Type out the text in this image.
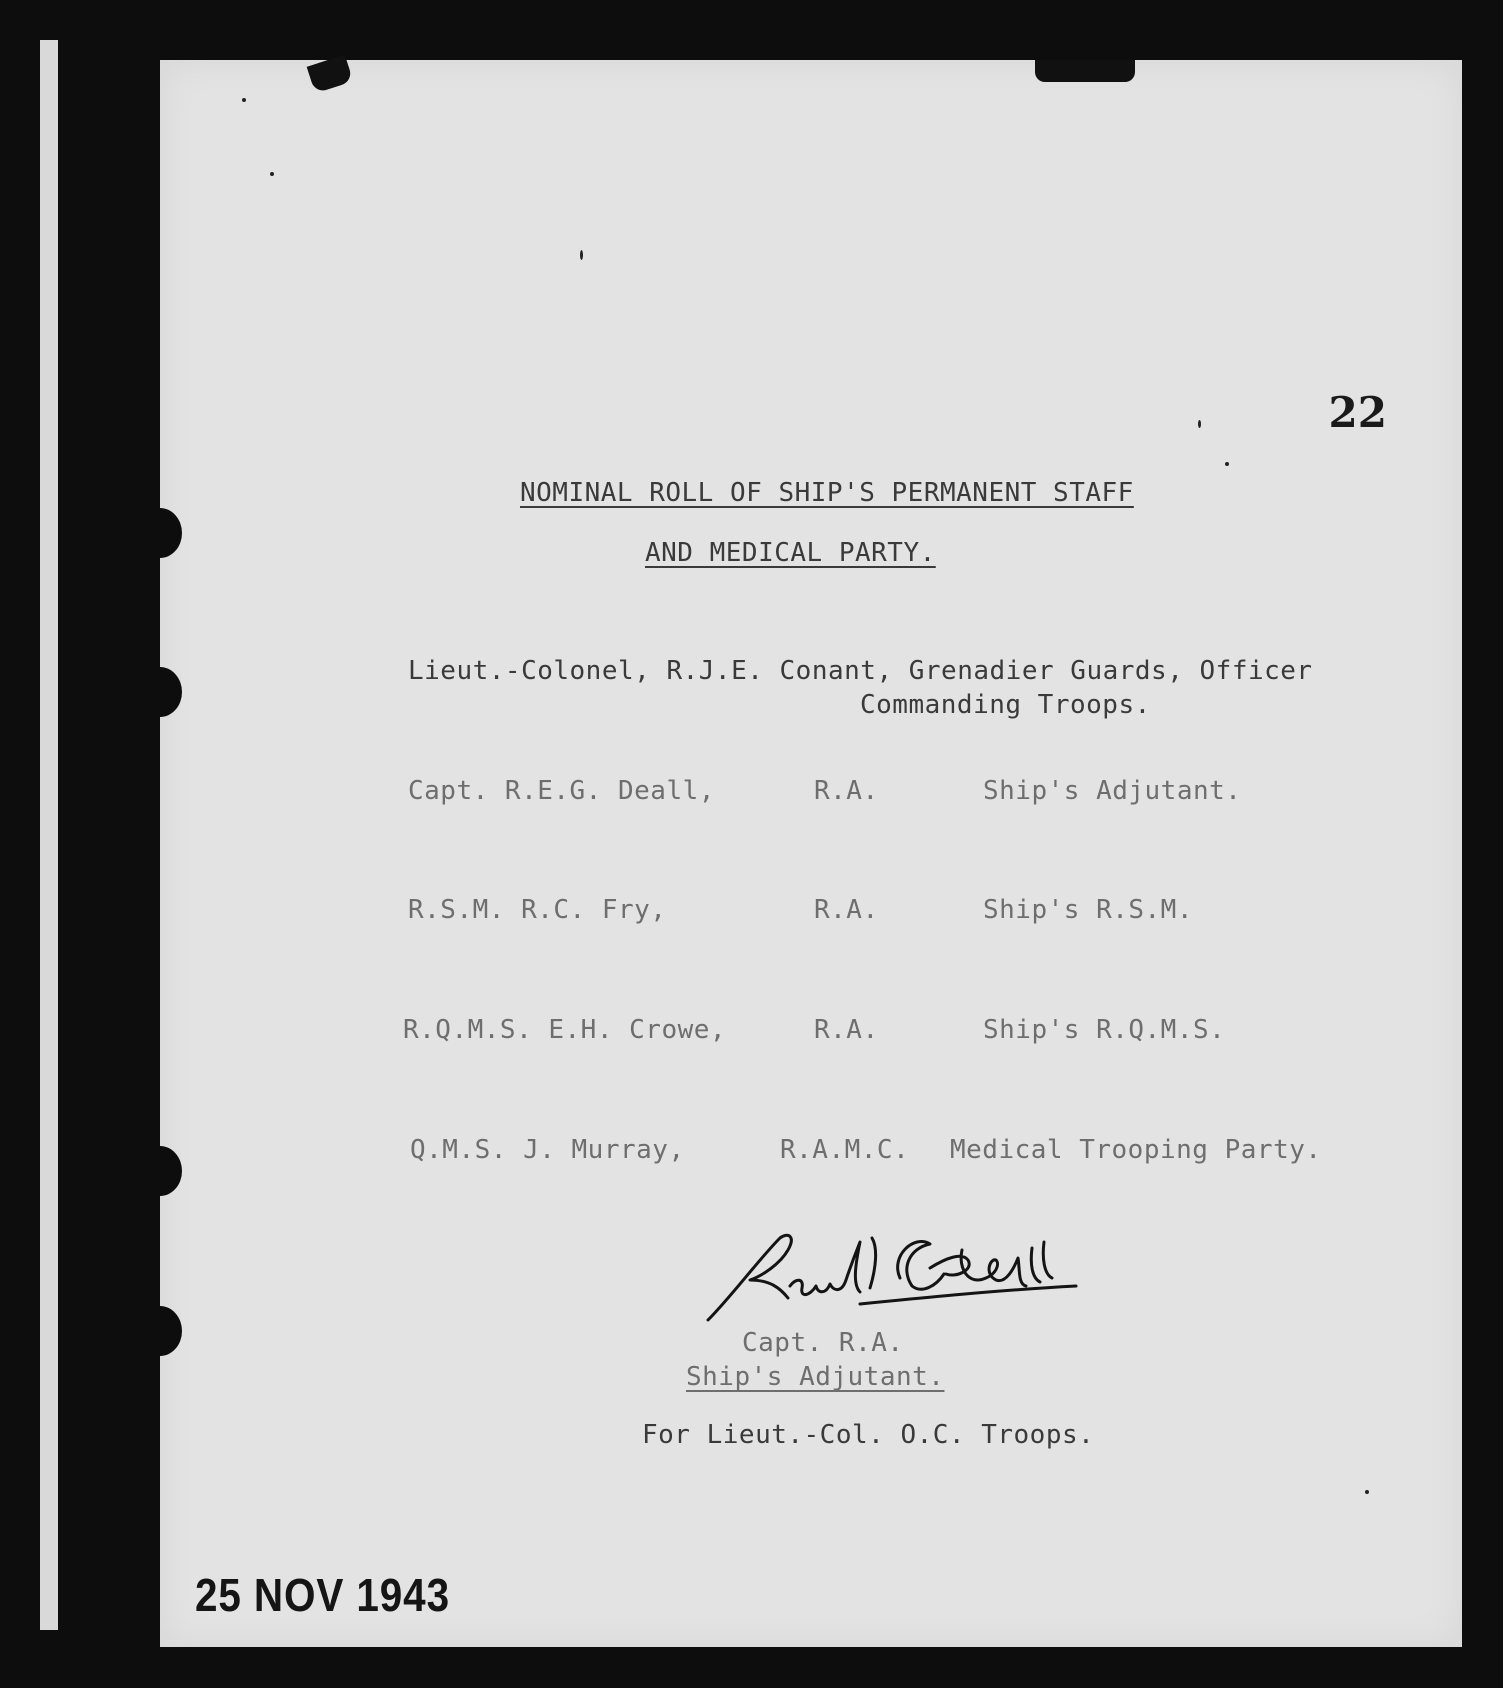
22
NOMINAL ROLL OF SHIP'S PERMANENT STAFF
AND MEDICAL PARTY.
Lieut.-Colonel, R.J.E. Conant, Grenadier Guards, Officer
Commanding Troops.
Capt. R.E.G. Deall,	R.A.	Ship's Adjutant.
R.S.M. R.C. Fry,	R.A.	Ship's R.S.M.
R.Q.M.S. E.H. Crowe,	R.A.	Ship's R.Q.M.S.
Q.M.S. J. Murray,	R.A.M.C. Medical Trooping Party.
Capt. R.A.
Ship's Adjutant.
For Lieut.-Col. O.C. Troops.
25 NOV 1943
